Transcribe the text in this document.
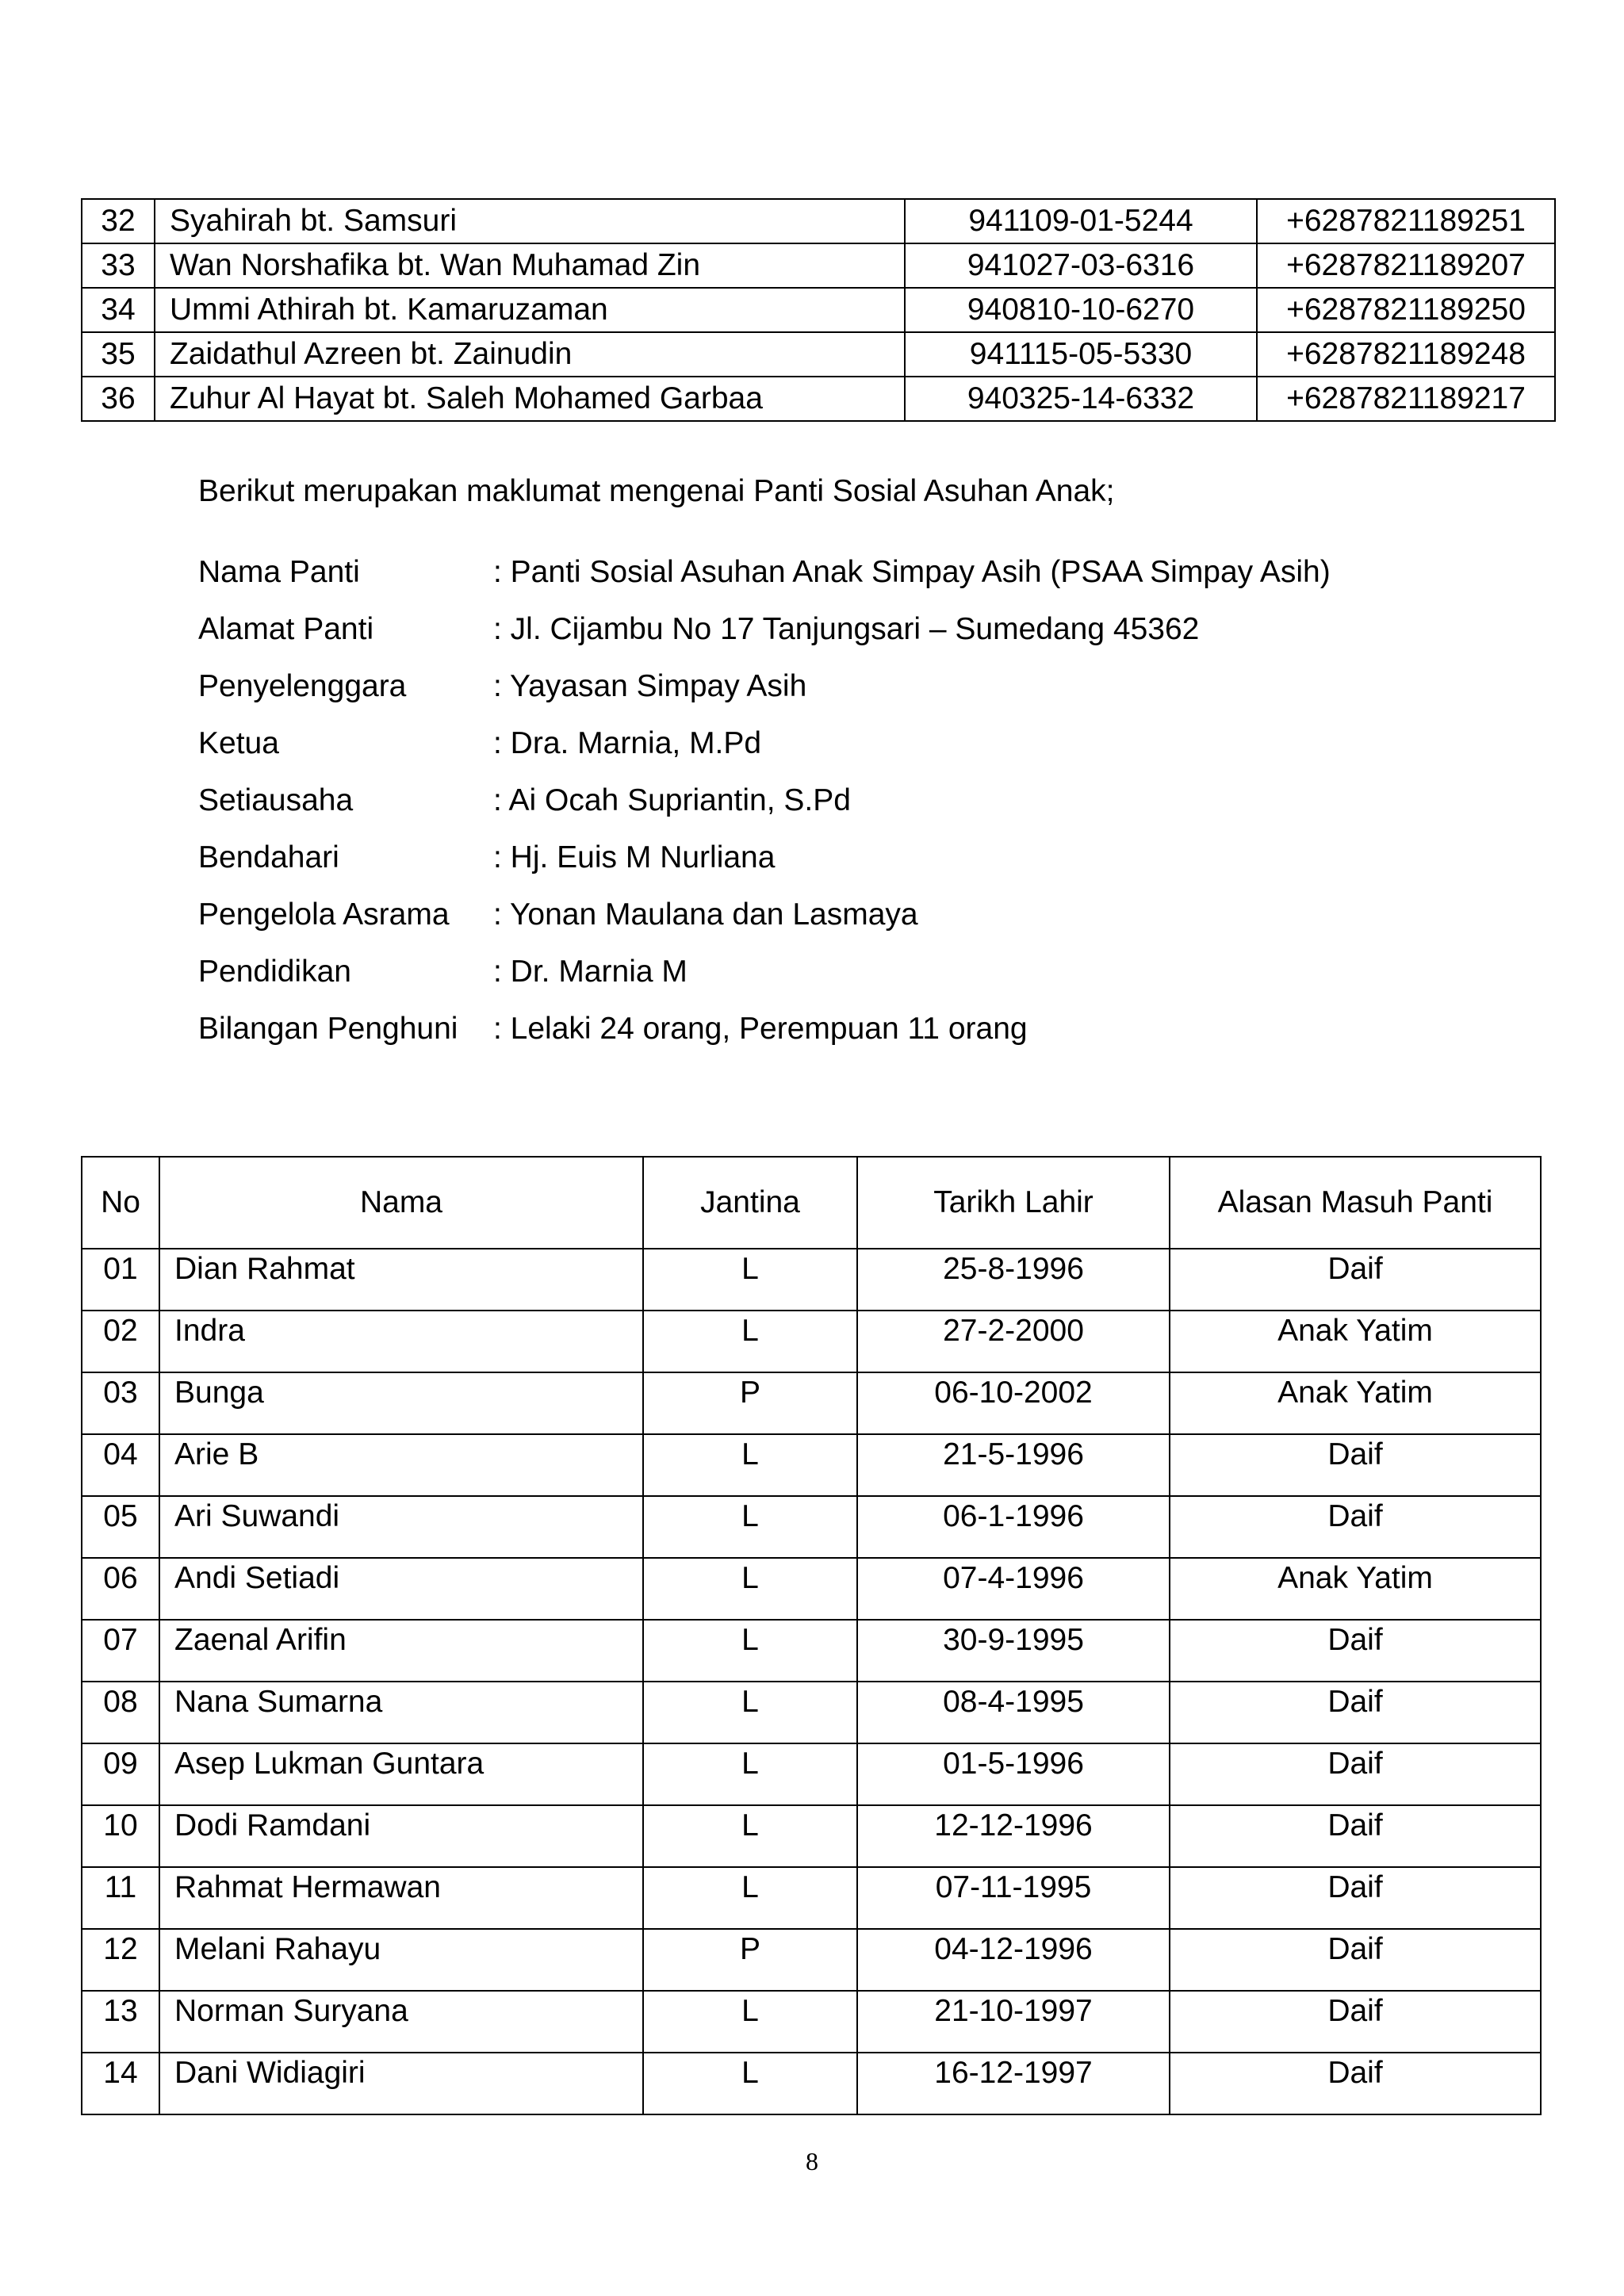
32	Syahirah bt. Samsuri	941109-01-5244	+6287821189251
33	Wan Norshafika bt. Wan Muhamad Zin	941027-03-6316	+6287821189207
34	Ummi Athirah bt. Kamaruzaman	940810-10-6270	+6287821189250
35	Zaidathul Azreen bt. Zainudin	941115-05-5330	+6287821189248
36	Zuhur Al Hayat bt. Saleh Mohamed Garbaa	940325-14-6332	+6287821189217
Berikut merupakan maklumat mengenai Panti Sosial Asuhan Anak;
Nama Panti	: Panti Sosial Asuhan Anak Simpay Asih (PSAA Simpay Asih)
Alamat Panti	: Jl. Cijambu No 17 Tanjungsari – Sumedang 45362
Penyelenggara	: Yayasan Simpay Asih
Ketua	: Dra. Marnia, M.Pd
Setiausaha	: Ai Ocah Supriantin, S.Pd
Bendahari	: Hj. Euis M Nurliana
Pengelola Asrama : Yonan Maulana dan Lasmaya
Pendidikan	: Dr. Marnia M
Bilangan Penghuni : Lelaki 24 orang, Perempuan 11 orang
No	Nama	Jantina	Tarikh Lahir	Alasan Masuh Panti
01	Dian Rahmat	L	25-8-1996	Daif
02	Indra	L	27-2-2000	Anak Yatim
03	Bunga	P	06-10-2002	Anak Yatim
04	Arie B	L	21-5-1996	Daif
05	Ari Suwandi	L	06-1-1996	Daif
06	Andi Setiadi	L	07-4-1996	Anak Yatim
07	Zaenal Arifin	L	30-9-1995	Daif
08	Nana Sumarna	L	08-4-1995	Daif
09	Asep Lukman Guntara	L	01-5-1996	Daif
10	Dodi Ramdani	L	12-12-1996	Daif
11	Rahmat Hermawan	L	07-11-1995	Daif
12	Melani Rahayu	P	04-12-1996	Daif
13	Norman Suryana	L	21-10-1997	Daif
14	Dani Widiagiri	L	16-12-1997	Daif
8
